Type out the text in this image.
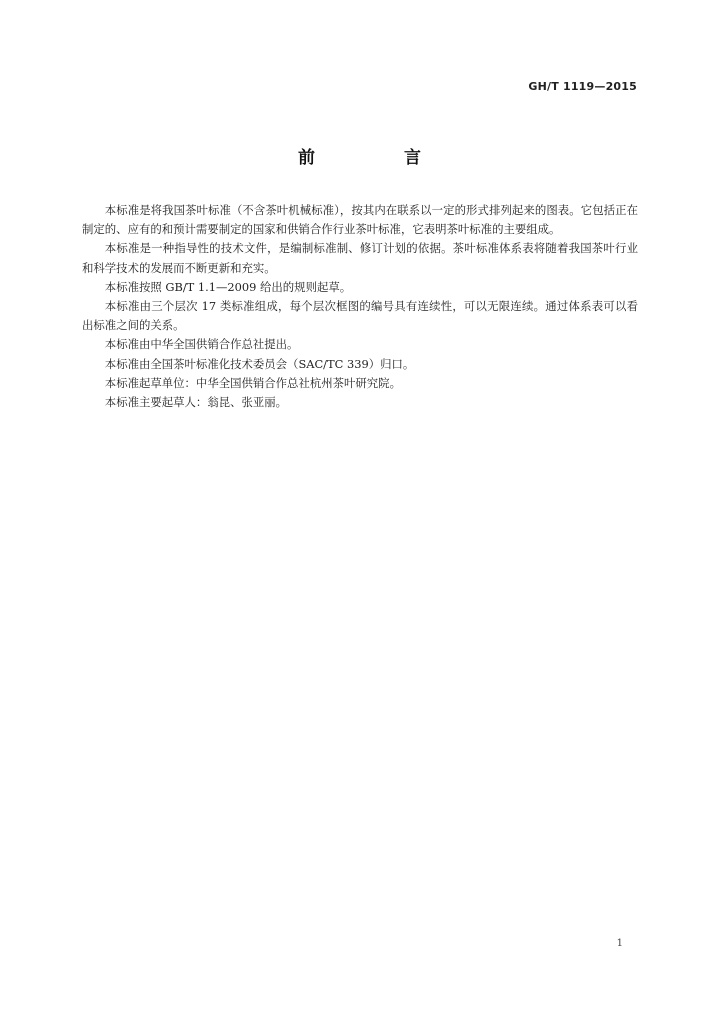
GH/T 1119—2015
前　言

本标准是将我国茶叶标准（不含茶叶机械标准），按其内在联系以一定的形式排列起来的图表。它包括正在制定的、应有的和预计需要制定的国家和供销合作行业茶叶标准，它表明茶叶标准的主要组成。

本标准是一种指导性的技术文件，是编制标准制、修订计划的依据。茶叶标准体系表将随着我国茶叶行业和科学技术的发展而不断更新和充实。

本标准按照 GB/T 1.1—2009 给出的规则起草。

本标准由三个层次 17 类标准组成，每个层次框图的编号具有连续性，可以无限连续。通过体系表可以看出标准之间的关系。

本标准由中华全国供销合作总社提出。

本标准由全国茶叶标准化技术委员会（SAC/TC 339）归口。

本标准起草单位：中华全国供销合作总社杭州茶叶研究院。

本标准主要起草人：翁昆、张亚丽。

1
